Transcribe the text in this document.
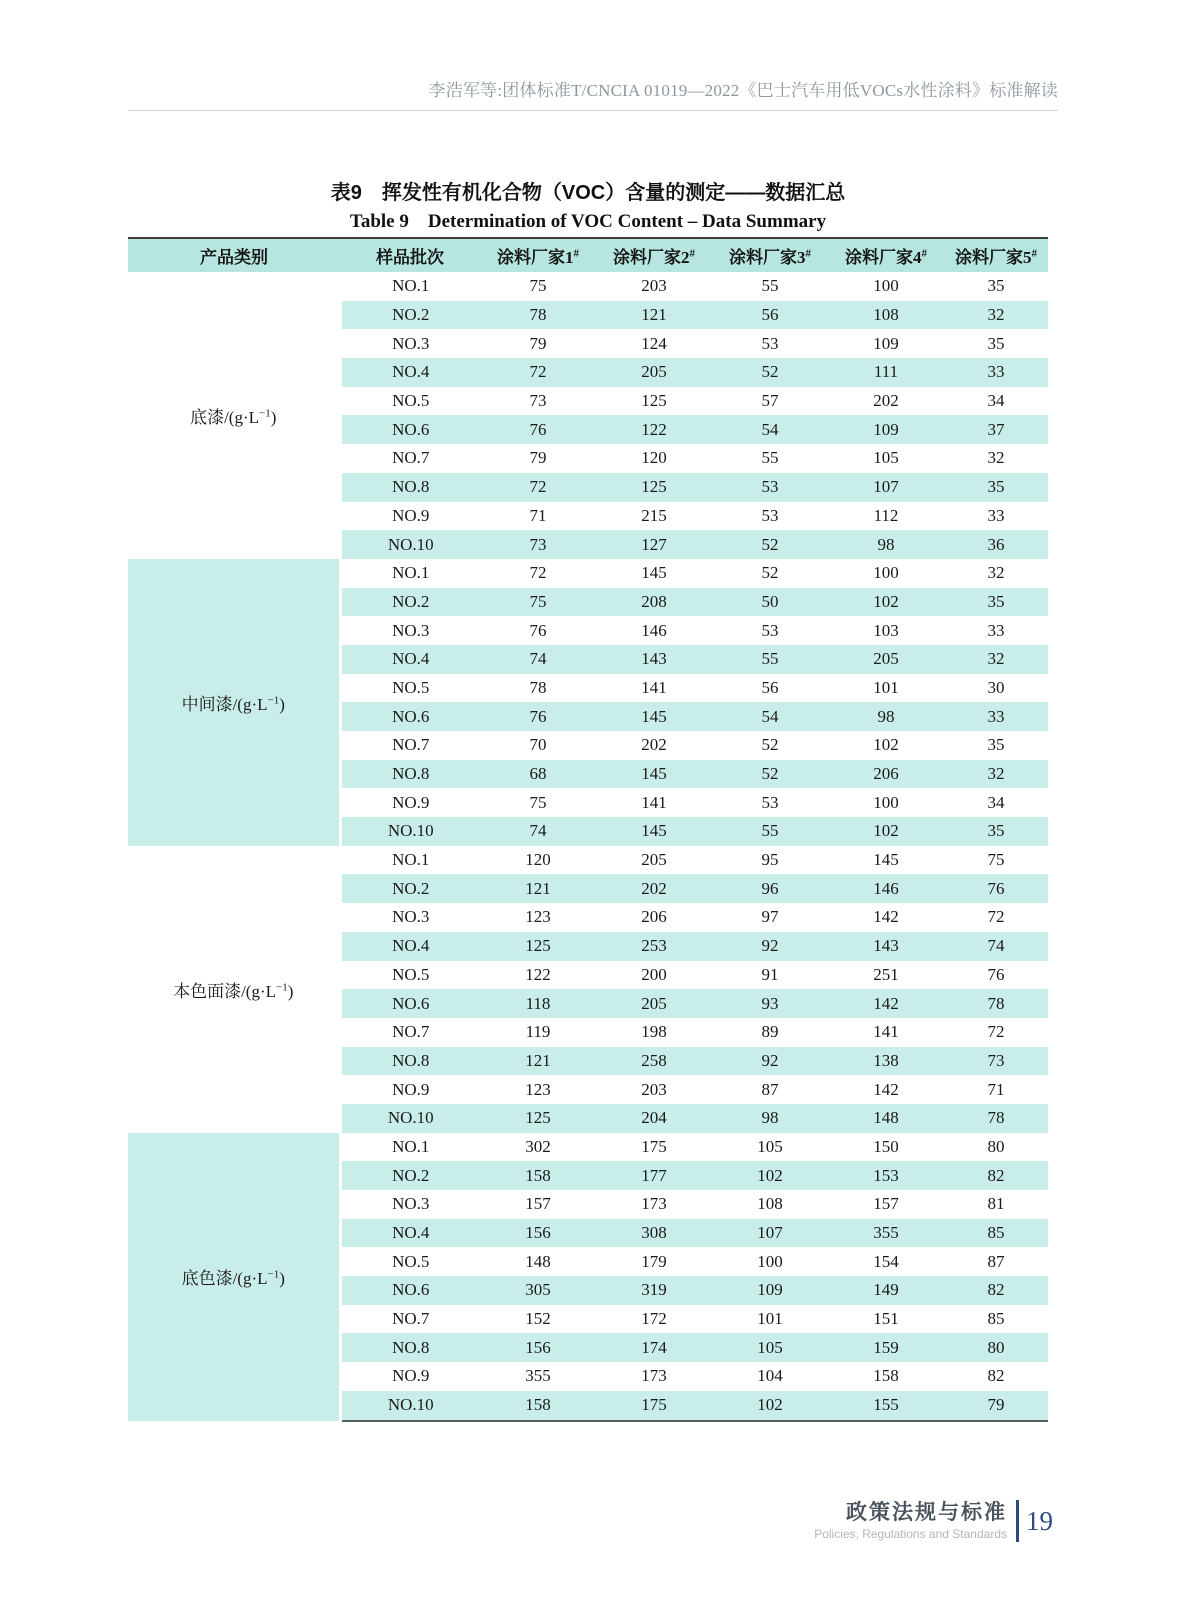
李浩军等:团体标准T/CNCIA 01019—2022《巴士汽车用低VOCs水性涂料》标准解读
表9　挥发性有机化合物（VOC）含量的测定——数据汇总
Table 9　Determination of VOC Content – Data Summary
产品类别	样品批次	涂料厂家1#	涂料厂家2#	涂料厂家3#	涂料厂家4#	涂料厂家5#
底漆$/(g\cdot L^{-1})$	NO.1	75	203	55	100	35
	NO.2	78	121	56	108	32
	NO.3	79	124	53	109	35
	NO.4	72	205	52	111	33
	NO.5	73	125	57	202	34
	NO.6	76	122	54	109	37
	NO.7	79	120	55	105	32
	NO.8	72	125	53	107	35
	NO.9	71	215	53	112	33
	NO.10	73	127	52	98	36
中间漆$/(g\cdot L^{-1})$	NO.1	72	145	52	100	32
	NO.2	75	208	50	102	35
	NO.3	76	146	53	103	33
	NO.4	74	143	55	205	32
	NO.5	78	141	56	101	30
	NO.6	76	145	54	98	33
	NO.7	70	202	52	102	35
	NO.8	68	145	52	206	32
	NO.9	75	141	53	100	34
	NO.10	74	145	55	102	35
本色面漆$/(g\cdot L^{-1})$	NO.1	120	205	95	145	75
	NO.2	121	202	96	146	76
	NO.3	123	206	97	142	72
	NO.4	125	253	92	143	74
	NO.5	122	200	91	251	76
	NO.6	118	205	93	142	78
	NO.7	119	198	89	141	72
	NO.8	121	258	92	138	73
	NO.9	123	203	87	142	71
	NO.10	125	204	98	148	78
底色漆$/(g\cdot L^{-1})$	NO.1	302	175	105	150	80
	NO.2	158	177	102	153	82
	NO.3	157	173	108	157	81
	NO.4	156	308	107	355	85
	NO.5	148	179	100	154	87
	NO.6	305	319	109	149	82
	NO.7	152	172	101	151	85
	NO.8	156	174	105	159	80
	NO.9	355	173	104	158	82
	NO.10	158	175	102	155	79
政策法规与标准
Policies, Regulations and Standards 19
